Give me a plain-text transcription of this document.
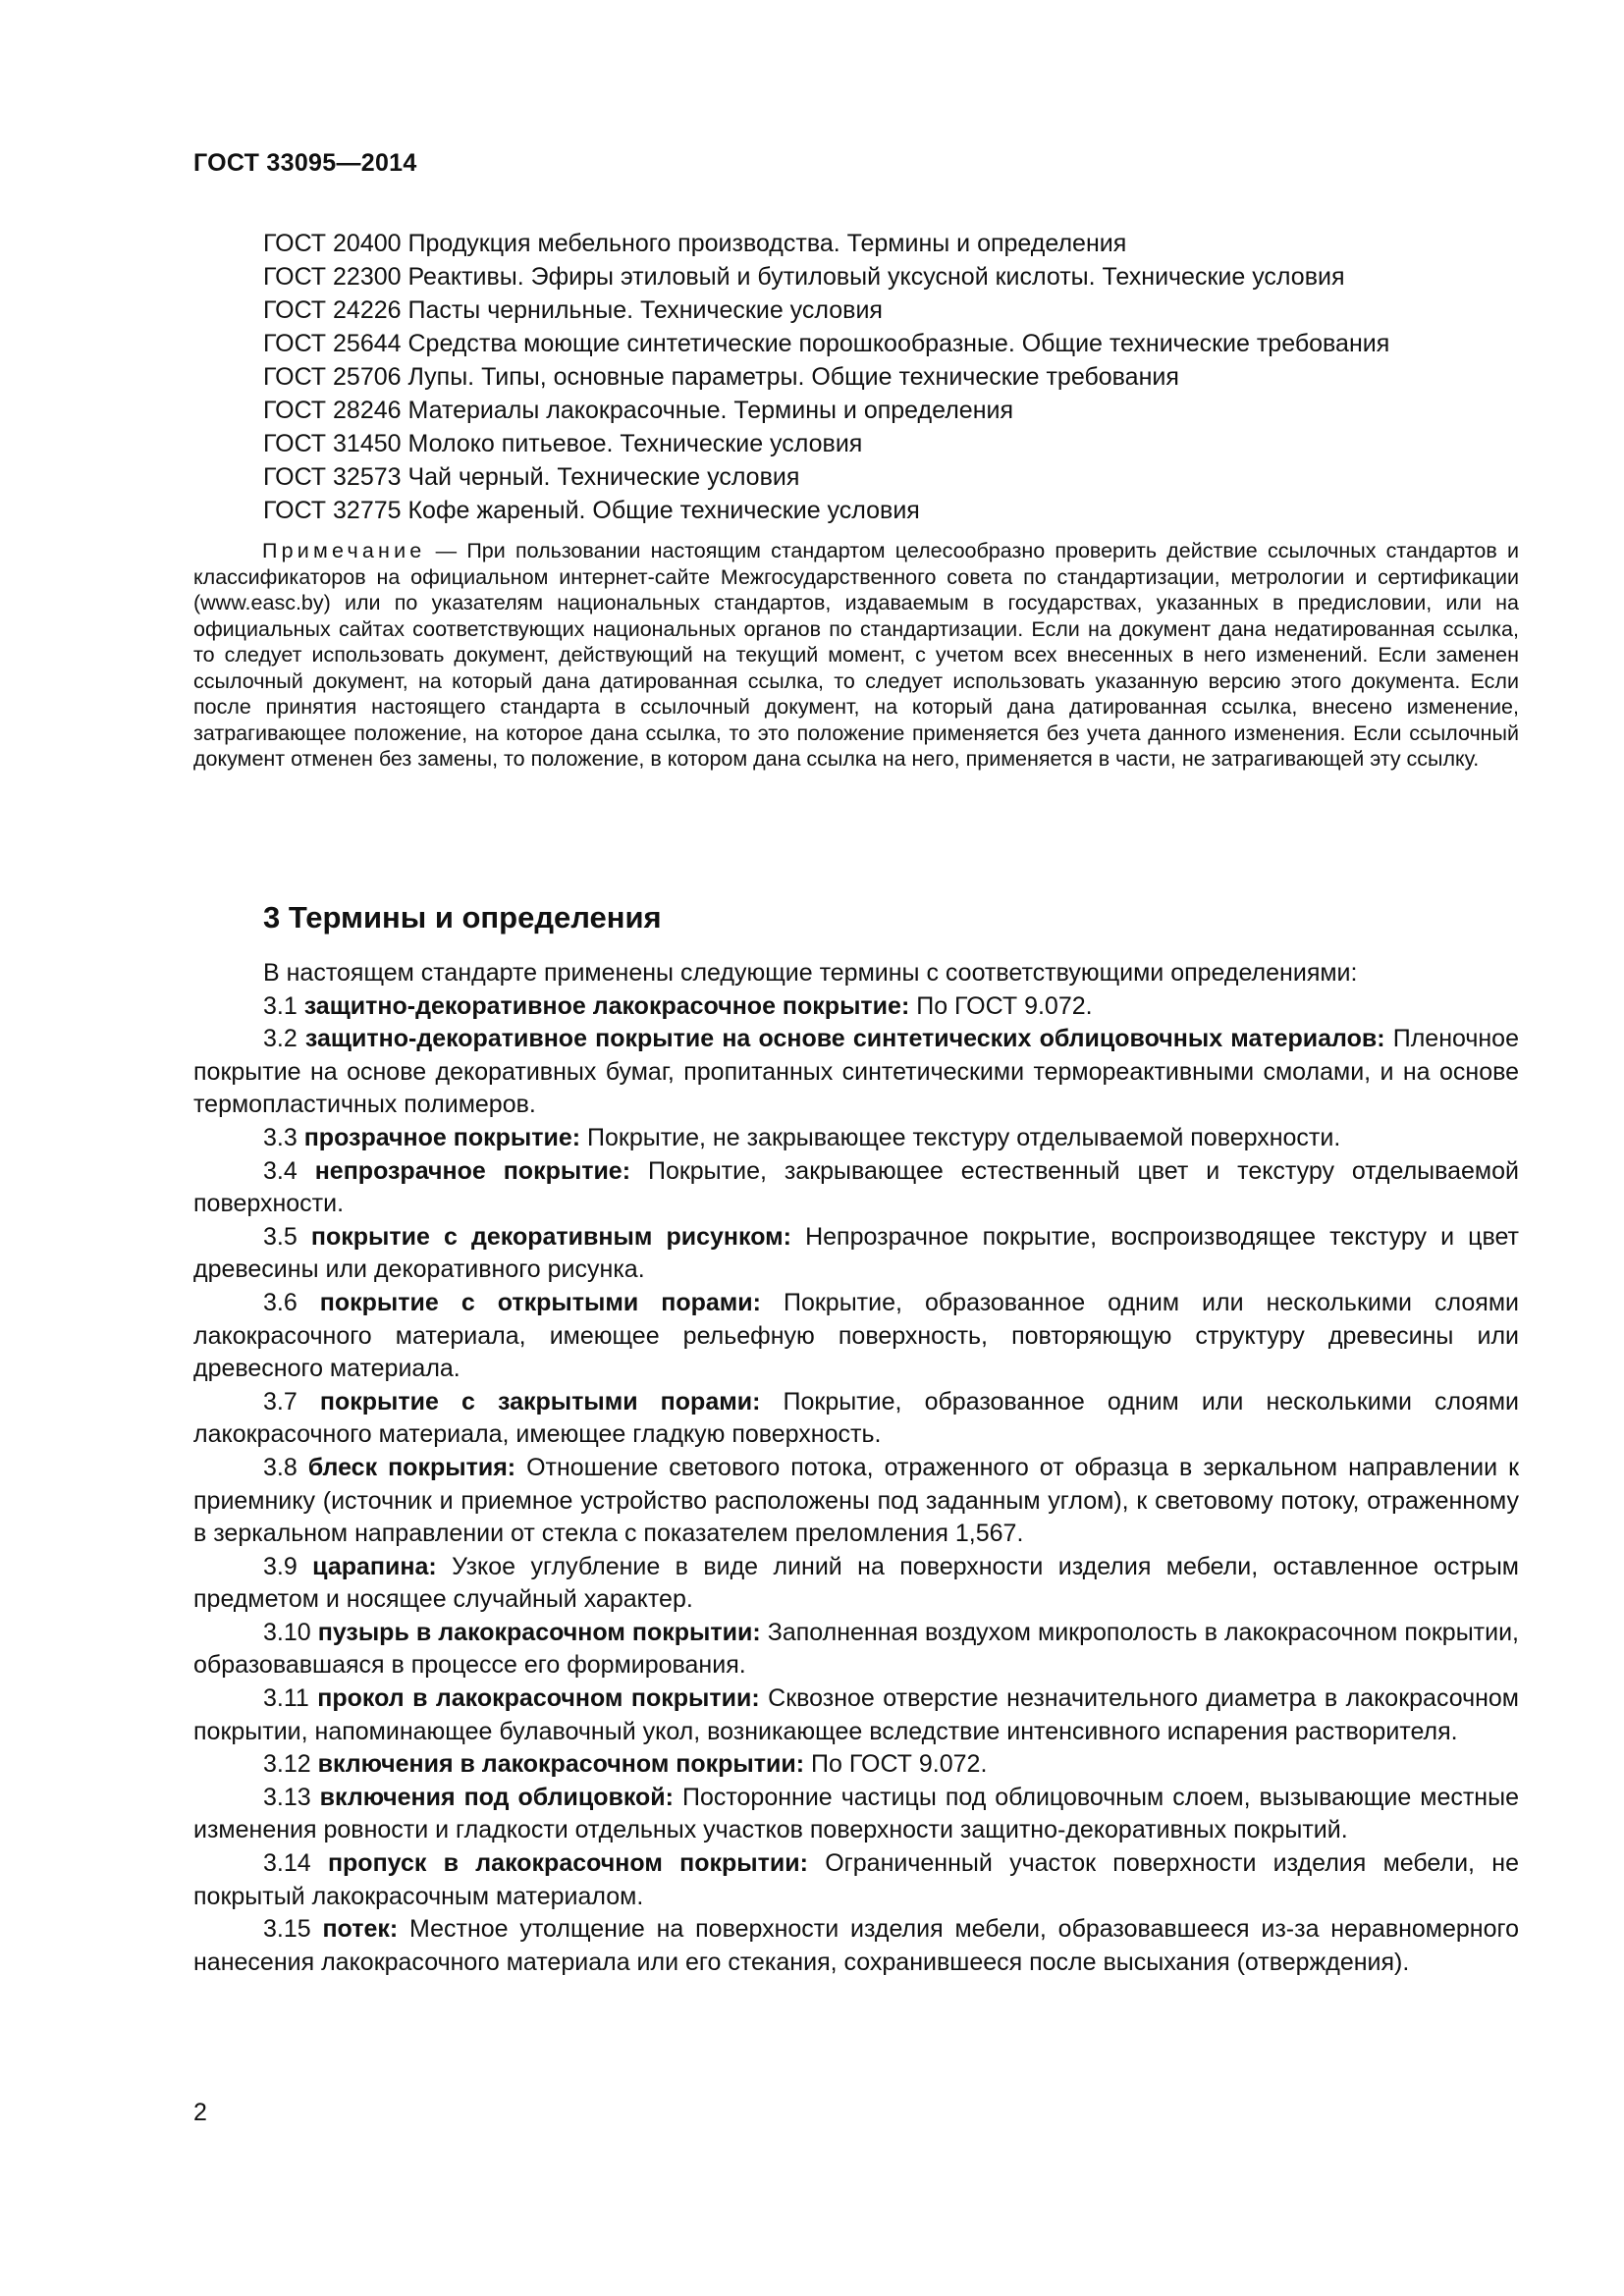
ГОСТ 33095—2014
ГОСТ 20400 Продукция мебельного производства. Термины и определения
ГОСТ 22300 Реактивы. Эфиры этиловый и бутиловый уксусной кислоты. Технические условия
ГОСТ 24226 Пасты чернильные. Технические условия
ГОСТ 25644 Средства моющие синтетические порошкообразные. Общие технические требования
ГОСТ 25706 Лупы. Типы, основные параметры. Общие технические требования
ГОСТ 28246 Материалы лакокрасочные. Термины и определения
ГОСТ 31450 Молоко питьевое. Технические условия
ГОСТ 32573 Чай черный. Технические условия
ГОСТ 32775 Кофе жареный. Общие технические условия
Примечание — При пользовании настоящим стандартом целесообразно проверить действие ссылочных стандартов и классификаторов на официальном интернет-сайте Межгосударственного совета по стандартизации, метрологии и сертификации (www.easc.by) или по указателям национальных стандартов, издаваемым в государствах, указанных в предисловии, или на официальных сайтах соответствующих национальных органов по стандартизации. Если на документ дана недатированная ссылка, то следует использовать документ, действующий на текущий момент, с учетом всех внесенных в него изменений. Если заменен ссылочный документ, на который дана датированная ссылка, то следует использовать указанную версию этого документа. Если после принятия настоящего стандарта в ссылочный документ, на который дана датированная ссылка, внесено изменение, затрагивающее положение, на которое дана ссылка, то это положение применяется без учета данного изменения. Если ссылочный документ отменен без замены, то положение, в котором дана ссылка на него, применяется в части, не затрагивающей эту ссылку.
3 Термины и определения

В настоящем стандарте применены следующие термины с соответствующими определениями:

3.1 защитно-декоративное лакокрасочное покрытие: По ГОСТ 9.072.

3.2 защитно-декоративное покрытие на основе синтетических облицовочных материалов: Пленочное покрытие на основе декоративных бумаг, пропитанных синтетическими термореактивными смолами, и на основе термопластичных полимеров.

3.3 прозрачное покрытие: Покрытие, не закрывающее текстуру отделываемой поверхности.

3.4 непрозрачное покрытие: Покрытие, закрывающее естественный цвет и текстуру отделываемой поверхности.

3.5 покрытие с декоративным рисунком: Непрозрачное покрытие, воспроизводящее текстуру и цвет древесины или декоративного рисунка.

3.6 покрытие с открытыми порами: Покрытие, образованное одним или несколькими слоями лакокрасочного материала, имеющее рельефную поверхность, повторяющую структуру древесины или древесного материала.

3.7 покрытие с закрытыми порами: Покрытие, образованное одним или несколькими слоями лакокрасочного материала, имеющее гладкую поверхность.

3.8 блеск покрытия: Отношение светового потока, отраженного от образца в зеркальном направлении к приемнику (источник и приемное устройство расположены под заданным углом), к световому потоку, отраженному в зеркальном направлении от стекла с показателем преломления 1,567.

3.9 царапина: Узкое углубление в виде линий на поверхности изделия мебели, оставленное острым предметом и носящее случайный характер.

3.10 пузырь в лакокрасочном покрытии: Заполненная воздухом микрополость в лакокрасочном покрытии, образовавшаяся в процессе его формирования.

3.11 прокол в лакокрасочном покрытии: Сквозное отверстие незначительного диаметра в лакокрасочном покрытии, напоминающее булавочный укол, возникающее вследствие интенсивного испарения растворителя.

3.12 включения в лакокрасочном покрытии: По ГОСТ 9.072.

3.13 включения под облицовкой: Посторонние частицы под облицовочным слоем, вызывающие местные изменения ровности и гладкости отдельных участков поверхности защитно-декоративных покрытий.

3.14 пропуск в лакокрасочном покрытии: Ограниченный участок поверхности изделия мебели, не покрытый лакокрасочным материалом.

3.15 потек: Местное утолщение на поверхности изделия мебели, образовавшееся из-за неравномерного нанесения лакокрасочного материала или его стекания, сохранившееся после высыхания (отверждения).

2
